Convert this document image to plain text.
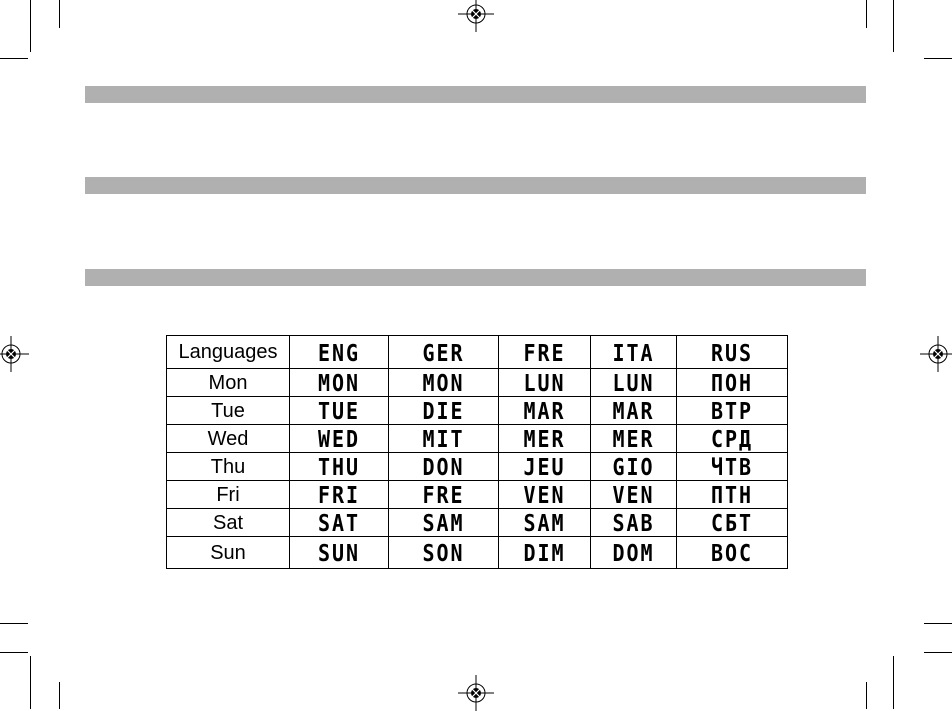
Languages	ENG	GER	FRE	ITA	RUS
Mon	MON	MON	LUN	LUN	ПОН
Tue	TUE	DIE	MAR	MAR	ВТР
Wed	WED	MIT	MER	MER	СРД
Thu	THU	DON	JEU	GIO	ЧТВ
Fri	FRI	FRE	VEN	VEN	ПТН
Sat	SAT	SAM	SAM	SAB	СБТ
Sun	SUN	SON	DIM	DOM	ВОС
